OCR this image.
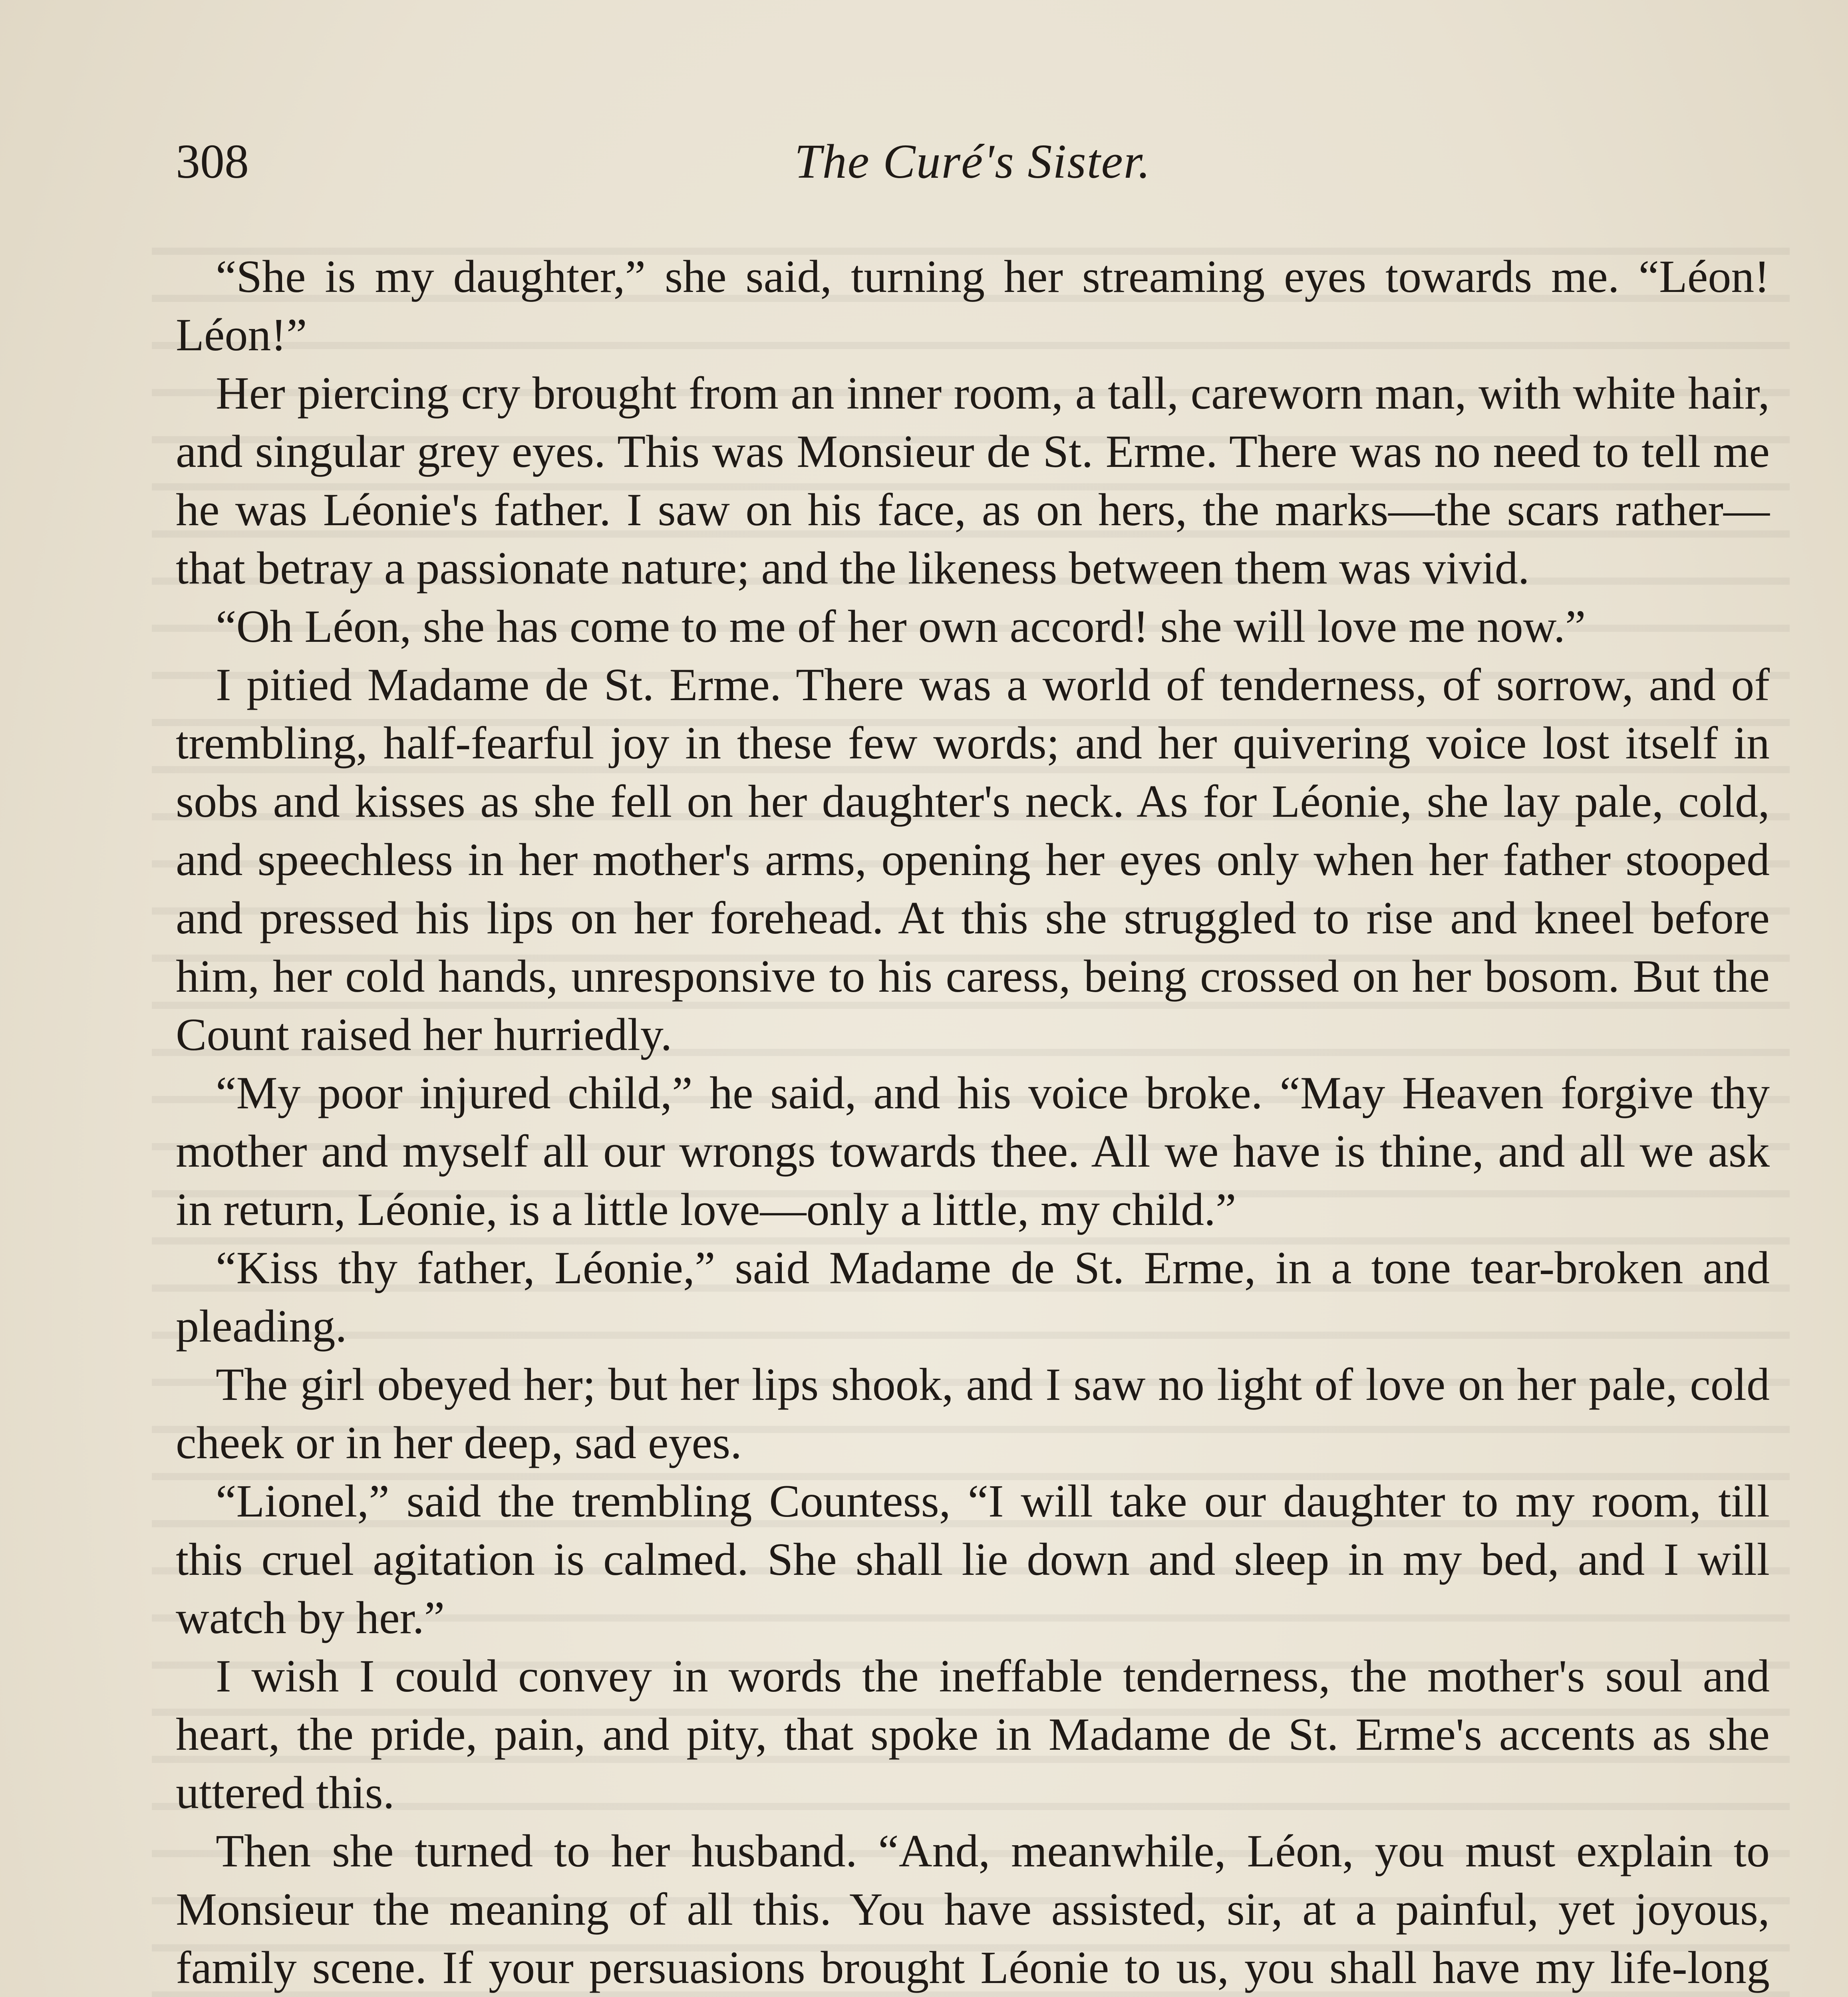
308	The Curé's Sister.

“She is my daughter,” she said, turning her streaming eyes towards me. “Léon! Léon!”

Her piercing cry brought from an inner room, a tall, careworn man, with white hair, and singular grey eyes. This was Monsieur de St. Erme. There was no need to tell me he was Léonie's father. I saw on his face, as on hers, the marks—the scars rather—that betray a passionate nature; and the likeness between them was vivid.

“Oh Léon, she has come to me of her own accord! she will love me now.”

I pitied Madame de St. Erme. There was a world of tenderness, of sorrow, and of trembling, half-fearful joy in these few words; and her quivering voice lost itself in sobs and kisses as she fell on her daughter's neck. As for Léonie, she lay pale, cold, and speechless in her mother's arms, opening her eyes only when her father stooped and pressed his lips on her forehead. At this she struggled to rise and kneel before him, her cold hands, unresponsive to his caress, being crossed on her bosom. But the Count raised her hurriedly.

“My poor injured child,” he said, and his voice broke. “May Heaven forgive thy mother and myself all our wrongs towards thee. All we have is thine, and all we ask in return, Léonie, is a little love—only a little, my child.”

“Kiss thy father, Léonie,” said Madame de St. Erme, in a tone tear-broken and pleading.

The girl obeyed her; but her lips shook, and I saw no light of love on her pale, cold cheek or in her deep, sad eyes.

“Lionel,” said the trembling Countess, “I will take our daughter to my room, till this cruel agitation is calmed. She shall lie down and sleep in my bed, and I will watch by her.”

I wish I could convey in words the ineffable tenderness, the mother's soul and heart, the pride, pain, and pity, that spoke in Madame de St. Erme's accents as she uttered this.

Then she turned to her husband. “And, meanwhile, Léon, you must explain to Monsieur the meaning of all this. You have assisted, sir, at a painful, yet joyous, family scene. If your persuasions brought Léonie to us, you shall have my life-long
